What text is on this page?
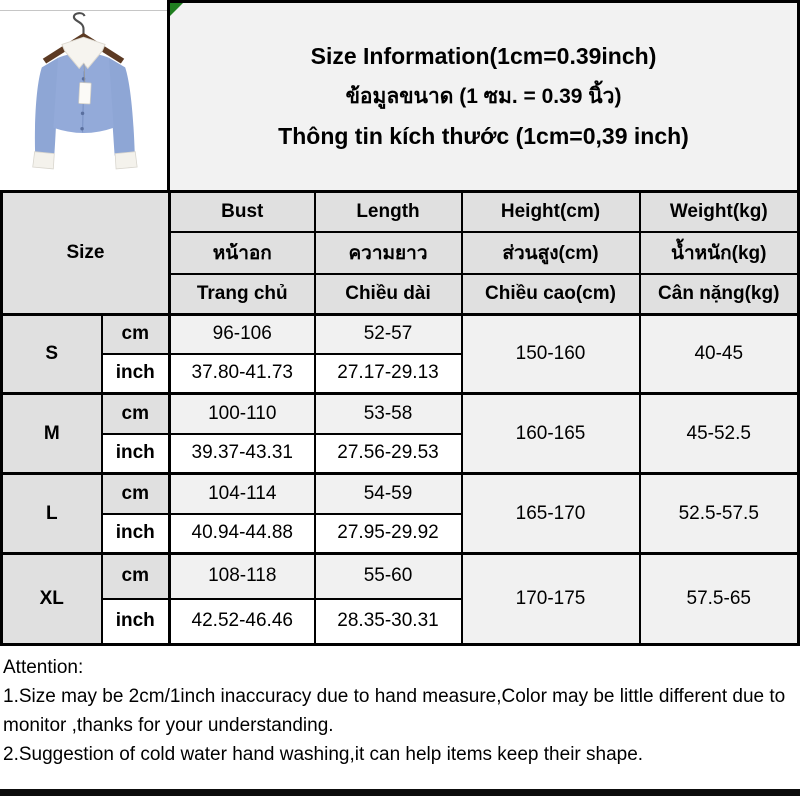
Size Information(1cm=0.39inch)
ข้อมูลขนาด (1 ซม. = 0.39 นิ้ว)
Thông tin kích thước (1cm=0,39 inch)
Size		Bust	Length	Height(cm)	Weight(kg)
		หน้าอก	ความยาว	ส่วนสูง(cm)	น้ำหนัก(kg)
		Trang chủ	Chiều dài	Chiều cao(cm)	Cân nặng(kg)
S	cm	96-106	52-57	150-160	40-45
	inch	37.80-41.73	27.17-29.13		
M	cm	100-110	53-58	160-165	45-52.5
	inch	39.37-43.31	27.56-29.53		
L	cm	104-114	54-59	165-170	52.5-57.5
	inch	40.94-44.88	27.95-29.92		
XL	cm	108-118	55-60	170-175	57.5-65
	inch	42.52-46.46	28.35-30.31		
Attention:
1.Size may be 2cm/1inch inaccuracy due to hand measure,Color may be little different due to monitor ,thanks for your understanding.
2.Suggestion of cold water hand washing,it can help items keep their shape.
